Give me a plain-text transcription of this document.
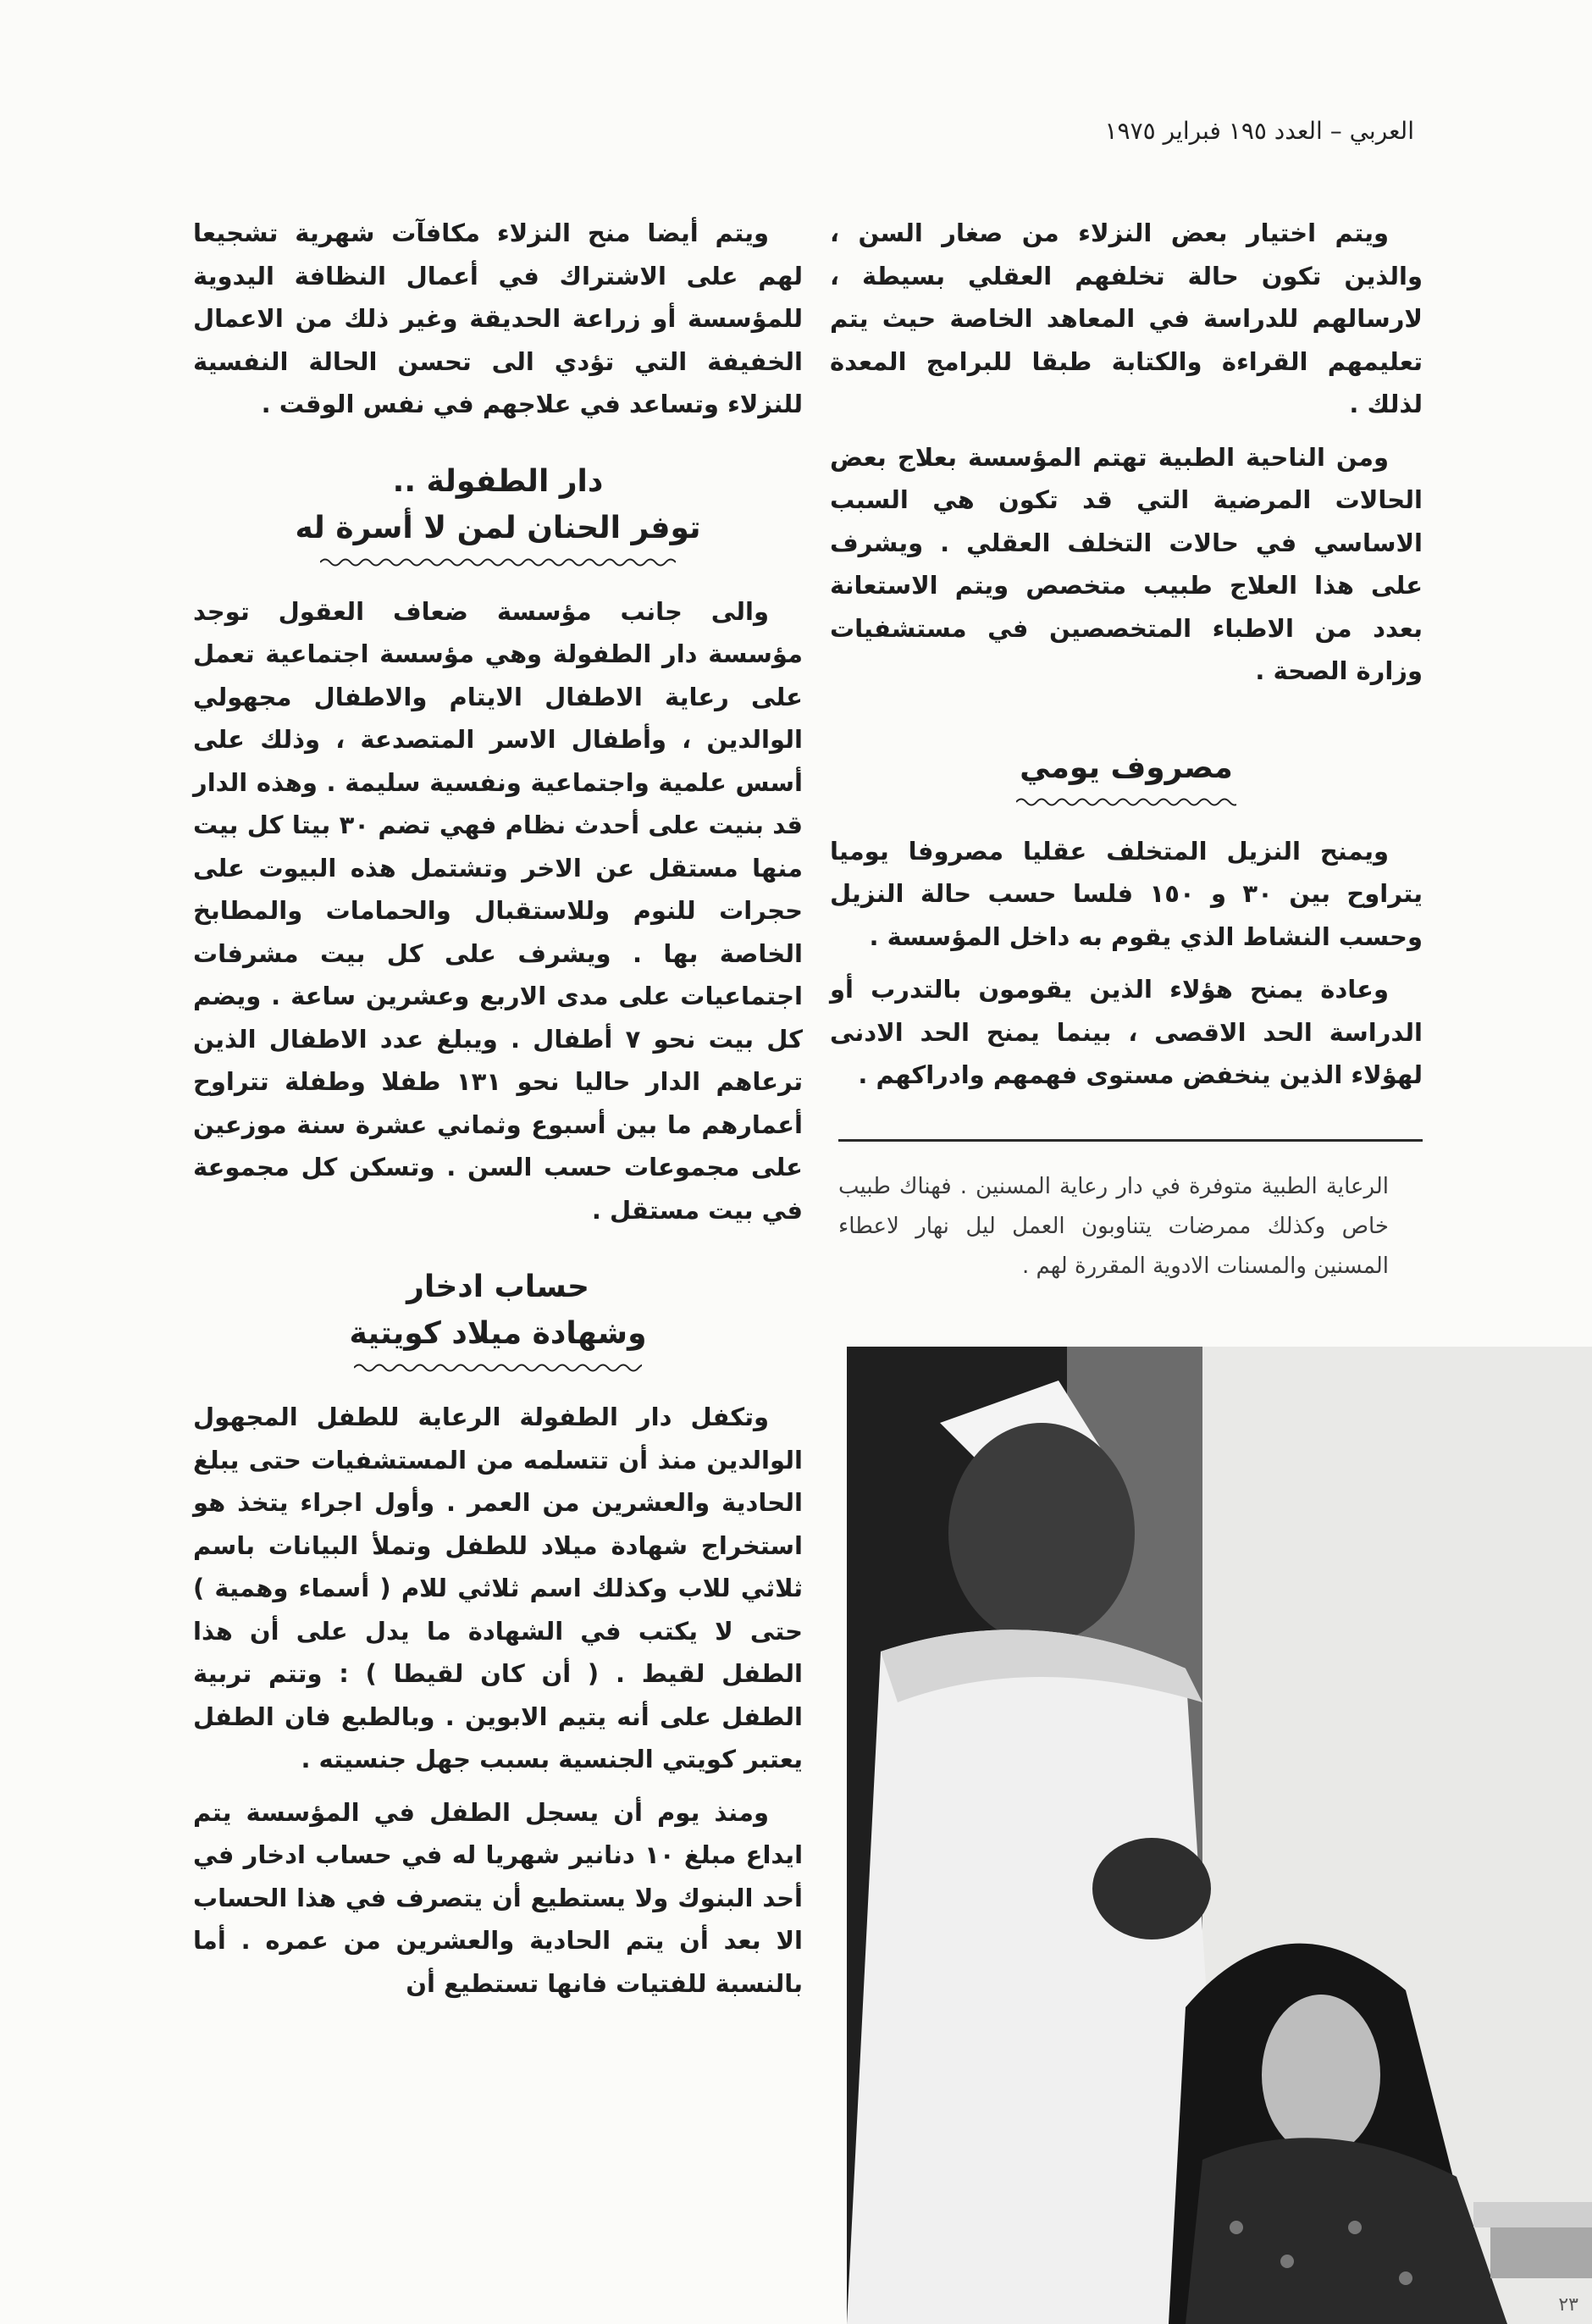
العربي – العدد ١٩٥ فبراير ١٩٧٥

ويتم اختيار بعض النزلاء من صغار السن ، والذين تكون حالة تخلفهم العقلي بسيطة ، لارسالهم للدراسة في المعاهد الخاصة حيث يتم تعليمهم القراءة والكتابة طبقا للبرامج المعدة لذلك .

ومن الناحية الطبية تهتم المؤسسة بعلاج بعض الحالات المرضية التي قد تكون هي السبب الاساسي في حالات التخلف العقلي . ويشرف على هذا العلاج طبيب متخصص ويتم الاستعانة بعدد من الاطباء المتخصصين في مستشفيات وزارة الصحة .

مصروف يومي

ويمنح النزيل المتخلف عقليا مصروفا يوميا يتراوح بين ٣٠ و ١٥٠ فلسا حسب حالة النزيل وحسب النشاط الذي يقوم به داخل المؤسسة .

وعادة يمنح هؤلاء الذين يقومون بالتدرب أو الدراسة الحد الاقصى ، بينما يمنح الحد الادنى لهؤلاء الذين ينخفض مستوى فهمهم وادراكهم .

الرعاية الطبية متوفرة في دار رعاية المسنين . فهناك طبيب خاص وكذلك ممرضات يتناوبون العمل ليل نهار لاعطاء المسنين والمسنات الادوية المقررة لهم .

ويتم أيضا منح النزلاء مكافآت شهرية تشجيعا لهم على الاشتراك في أعمال النظافة اليدوية للمؤسسة أو زراعة الحديقة وغير ذلك من الاعمال الخفيفة التي تؤدي الى تحسن الحالة النفسية للنزلاء وتساعد في علاجهم في نفس الوقت .

دار الطفولة ..
توفر الحنان لمن لا أسرة له

والى جانب مؤسسة ضعاف العقول توجد مؤسسة دار الطفولة وهي مؤسسة اجتماعية تعمل على رعاية الاطفال الايتام والاطفال مجهولي الوالدين ، وأطفال الاسر المتصدعة ، وذلك على أسس علمية واجتماعية ونفسية سليمة . وهذه الدار قد بنيت على أحدث نظام فهي تضم ٣٠ بيتا كل بيت منها مستقل عن الاخر وتشتمل هذه البيوت على حجرات للنوم وللاستقبال والحمامات والمطابخ الخاصة بها . ويشرف على كل بيت مشرفات اجتماعيات على مدى الاربع وعشرين ساعة . ويضم كل بيت نحو ٧ أطفال . ويبلغ عدد الاطفال الذين ترعاهم الدار حاليا نحو ١٣١ طفلا وطفلة تتراوح أعمارهم ما بين أسبوع وثماني عشرة سنة موزعين على مجموعات حسب السن . وتسكن كل مجموعة في بيت مستقل .

حساب ادخار
وشهادة ميلاد كويتية

وتكفل دار الطفولة الرعاية للطفل المجهول الوالدين منذ أن تتسلمه من المستشفيات حتى يبلغ الحادية والعشرين من العمر . وأول اجراء يتخذ هو استخراج شهادة ميلاد للطفل وتملأ البيانات باسم ثلاثي للاب وكذلك اسم ثلاثي للام ( أسماء وهمية ) حتى لا يكتب في الشهادة ما يدل على أن هذا الطفل لقيط . ( أن كان لقيطا ) : وتتم تربية الطفل على أنه يتيم الابوين . وبالطبع فان الطفل يعتبر كويتي الجنسية بسبب جهل جنسيته .

ومنذ يوم أن يسجل الطفل في المؤسسة يتم ايداع مبلغ ١٠ دنانير شهريا له في حساب ادخار في أحد البنوك ولا يستطيع أن يتصرف في هذا الحساب الا بعد أن يتم الحادية والعشرين من عمره . أما بالنسبة للفتيات فانها تستطيع أن

٢٣
